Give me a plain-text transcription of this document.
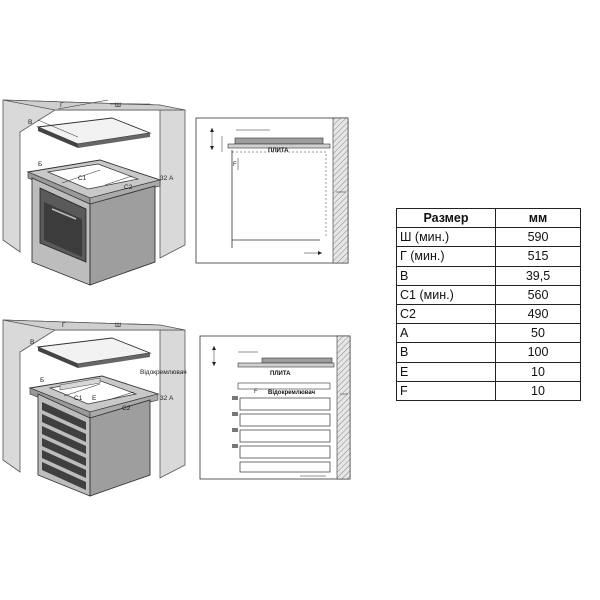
Ш
Г
В
Б
С1
С2
32 А
ПЛИТА
F
Ш
Г
В
Б
С1 E
С2
32 А
Відокремлювач	ПЛИТА
F Відокремлювач
Размер	мм
Ш (мин.)	590
Г (мин.)	515
В	39,5
С1 (мин.)	560
С2	490
А	50
В	100
Е	10
F	10
